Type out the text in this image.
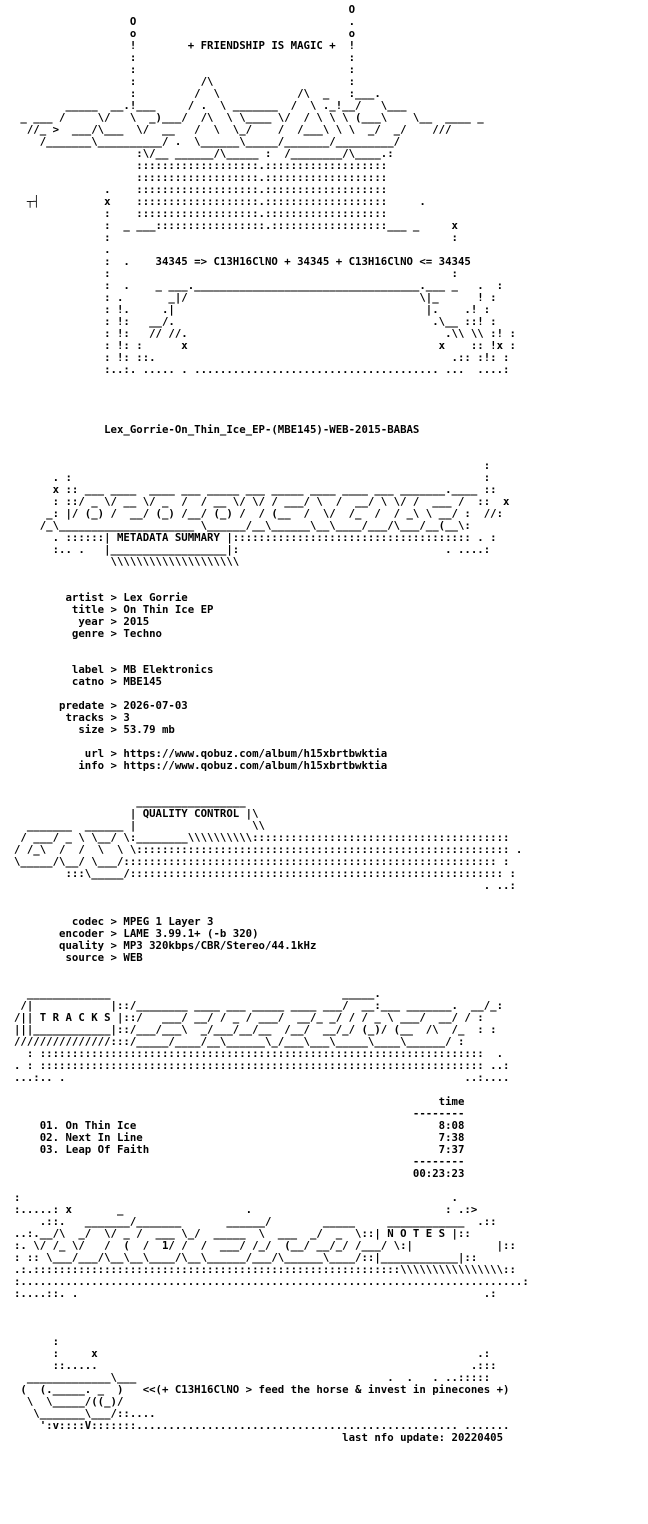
O
O                                 .
o                                 o
!        + FRIENDSHIP IS MAGIC +  !
:                                 :
:                                 :
:          /\                     :
:         /  \            /\  _   :___.
_____  __.!___     / .  \ _______  /  \ ._!__/   \___
_ ___ /     \/   \  _)___/  /\  \ \____ \/  / \ \ \ (___\    \__  ____ _
//_ >  ___/\___  \/  __   /  \  \_/    /  /___\ \ \  _/  _/    ///
/_______\__________/ .  \______\_____/_______/_________/
:\/__ ______/\_____ :  /________/\____.:
:::::::::::::::::::.:::::::::::::::::::
:::::::::::::::::::.:::::::::::::::::::
.    :::::::::::::::::::.:::::::::::::::::::
┬┤          x    :::::::::::::::::::.:::::::::::::::::::     .
:    :::::::::::::::::::.:::::::::::::::::::
:  _ ___:::::::::::::::::.::::::::::::::::::___ _     x
:                                                     :
.
:  .    34345 => C13H16ClNO + 34345 + C13H16ClNO <= 34345
:                                                     :
:  .    _ ___.___________________________________.___ _   .  :
: .       _|/                                    \|_      ! :
: !.     .|                                       |.    .! :
: !:   __/.                                        .\__ ::! :
: !:   // //.                                        .\\ \\ :! :
: !: :      x                                       x    :: !x :
: !: ::.                                              .:: :!: :
:..:. ..... . ...................................... ...  ....:
Lex_Gorrie-On_Thin_Ice_EP-(MBE145)-WEB-2015-BABAS
:
. :                                                                :
x :: ___ ____  ____ ___ _____ ___ _____ ____ ____ ___ _______.____ ::
: ::/ _ \/ __ \/ _  /  / __ \/ \/ / ___/ \  /  __/ \ \/ /  ___ /  ::  x
_: |/ (_) /  __/ (_) /__/ (_) /  / (__  /  \/  /_  /  / _\ \ __/ :  //:
/_\_____________________ \______/__\______\__\____/___/\___/__(__\:
. ::::::| METADATA SUMMARY |::::::::::::::::::::::::::::::::::::: . :
:.. .   |__________________|:                                . ....:
\\\\\\\\\\\\\\\\\\\\
artist > Lex Gorrie
title > On Thin Ice EP
year > 2015
genre > Techno
label > MB Elektronics
catno > MBE145
predate > 2026-07-03
tracks > 3
size > 53.79 mb
url > https://www.qobuz.com/album/h15xbrtbwktia
info > https://www.qobuz.com/album/h15xbrtbwktia
_________________
| QUALITY CONTROL |\
_______  ______ |                  \\
/ ___/ _ \ \__/ \:________\\\\\\\\\\::::::::::::::::::::::::::::::::::::::::
/ /_\  /  /  \  \ \:::::::::::::::::::::::::::::::::::::::::::::::::::::::::: .
\_____/\__/ \___/:::::::::::::::::::::::::::::::::::::::::::::::::::::::::: :
:::\_____/:::::::::::::::::::::::::::::::::::::::::::::::::::::::::: :
. ..:
codec > MPEG 1 Layer 3
encoder > LAME 3.99.1+ (-b 320)
quality > MP3 320kbps/CBR/Stereo/44.1kHz
source > WEB
_____________                                    _____.
/|            |::/________ ____ ___ _____ ____ ___/  __:___ _______.  __/_:
/|| T R A C K S |::/   ___/ __/ / _ / ___/  __/_ _/ / / _ \ ___/  __/ / :
|||____________|::/___/___\  _/___/__/__  /__/  __/_/ (_)/ (__  /\  /_  : :
///////////////:::/_____/____/__\______\_/___\___\_____\____\______/ :
: :::::::::::::::::::::::::::::::::::::::::::::::::::::::::::::::::::::  .
. : ::::::::::::::::::::::::::::::::::::::::::::::::::::::::::::::::::::: ..:
...:.. .                                                              ..:....
time
--------
01. On Thin Ice                                               8:08
02. Next In Line                                              7:38
03. Leap Of Faith                                             7:37
--------
00:23:23
:                                                                   .
:.....: x       _                   .                              : .:>
.::.   _______/_______       ______/        _____     ____________  .::
..:.__/\  _/  \/ _ /  ___ \_/  _____  \  ___  _/  _  \::| N O T E S |::
:. \/ /_ \/   /  (  /  1/ /  /  ___/ /_/  (__/ __/_/ /___/ \:|             |::
: :: \___/___/\__\__\____/\__\______/___/\______\____/::|____________|::
.:.:::::::::::::::::::::::::::::::::::::::::::::::::::::::::\\\\\\\\\\\\\\\\::
:..............................................................................:
:....::. .                                                               .:
:
:     x                                                           .:
::.....                                                          .:::
_____________\___                                       .  .   . ..:::::
(  (._____. _  )   <<(+ C13H16ClNO > feed the horse & invest in pinecones +)
\  \_____/((_)/
\_______\___/::....
':v::::V:::::::.................................................. .......
last nfo update: 20220405
